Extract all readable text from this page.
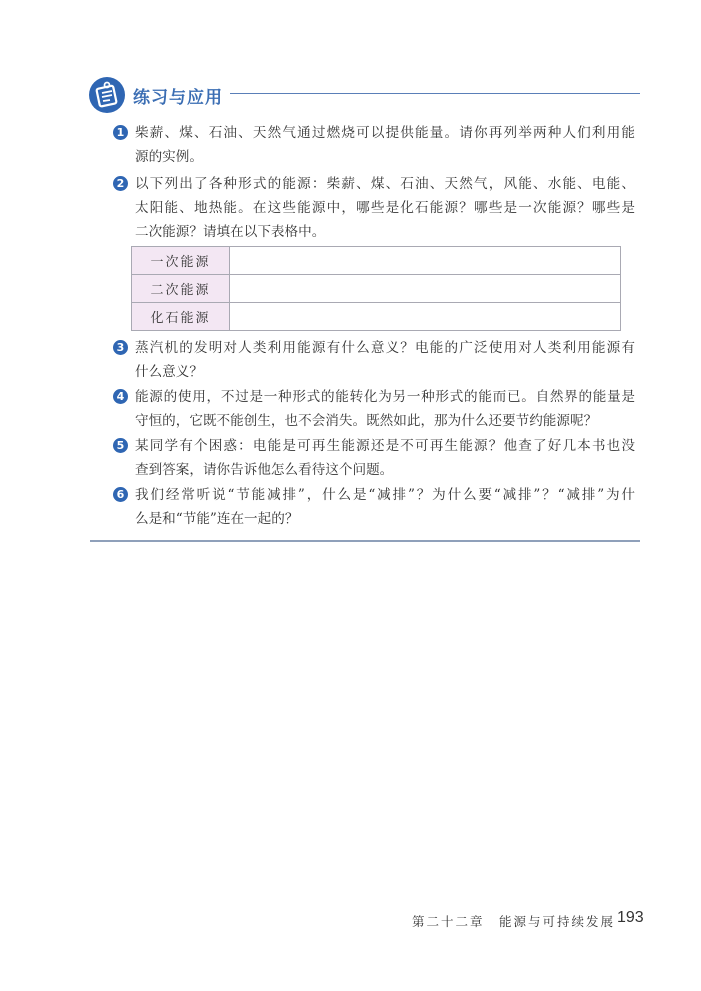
练习与应用
1 柴薪、煤、石油、天然气通过燃烧可以提供能量。请你再列举两种人们利用能
源的实例。
2 以下列出了各种形式的能源：柴薪、煤、石油、天然气，风能、水能、电能、
太阳能、地热能。在这些能源中，哪些是化石能源？哪些是一次能源？哪些是
二次能源？请填在以下表格中。
一次能源	
二次能源	
化石能源	
3 蒸汽机的发明对人类利用能源有什么意义？电能的广泛使用对人类利用能源有
什么意义？
4 能源的使用，不过是一种形式的能转化为另一种形式的能而已。自然界的能量是
守恒的，它既不能创生，也不会消失。既然如此，那为什么还要节约能源呢？
5 某同学有个困惑：电能是可再生能源还是不可再生能源？他查了好几本书也没
查到答案，请你告诉他怎么看待这个问题。
6 我们经常听说“节能减排”，什么是“减排”？为什么要“减排”？“减排”为什
么是和“节能”连在一起的？
第二十二章　能源与可持续发展 193
